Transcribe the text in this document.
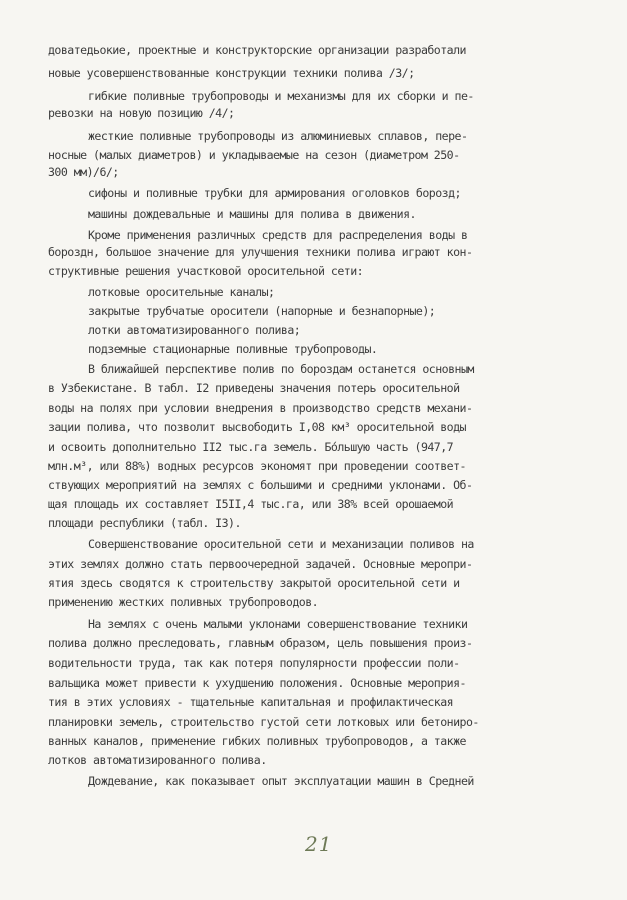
доватедьокие, проектные и конструкторские организации разработали
новые усовершенствованные конструкции техники полива /3/;
гибкие поливные трубопроводы и механизмы для их сборки и пе-
ревозки на новую позицию /4/;
жесткие поливные трубопроводы из алюминиевых сплавов, пере-
носные (малых диаметров) и укладываемые на сезон (диаметром 250-
300 мм)/6/;
сифоны и поливные трубки для армирования оголовков борозд;
машины дождевальные и машины для полива в движения.
Кроме применения различных средств для распределения воды в
бороздн, большое значение для улучшения техники полива играют кон-
структивные решения участковой оросительной сети:
лотковые оросительные каналы;
закрытые трубчатые оросители (напорные и безнапорные);
лотки автоматизированного полива;
подземные стационарные поливные трубопроводы.
В ближайшей перспективе полив по бороздам останется основным
в Узбекистане. В табл. I2 приведены значения потерь оросительной
воды на полях при условии внедрения в производство средств механи-
зации полива, что позволит высвободить I,08 км³ оросительной воды
и освоить дополнительно II2 тыс.га земель. Бо́льшую часть (947,7
млн.м³, или 88%) водных ресурсов экономят при проведении соответ-
ствующих мероприятий на землях с большими и средними уклонами. Об-
щая площадь их составляет I5II,4 тыс.га, или 38% всей орошаемой
площади республики (табл. I3).
Совершенствование оросительной сети и механизации поливов на
этих землях должно стать первоочередной задачей. Основные меропри-
ятия здесь сводятся к строительству закрытой оросительной сети и
применению жестких поливных трубопроводов.
На землях с очень малыми уклонами совершенствование техники
полива должно преследовать, главным образом, цель повышения произ-
водительности труда, так как потеря популярности профессии поли-
вальщика может привести к ухудшению положения. Основные мероприя-
тия в этих условиях - тщательные капитальная и профилактическая
планировки земель, строительство густой сети лотковых или бетониро-
ванных каналов, применение гибких поливных трубопроводов, а также
лотков автоматизированного полива.
Дождевание, как показывает опыт эксплуатации машин в Средней
21
